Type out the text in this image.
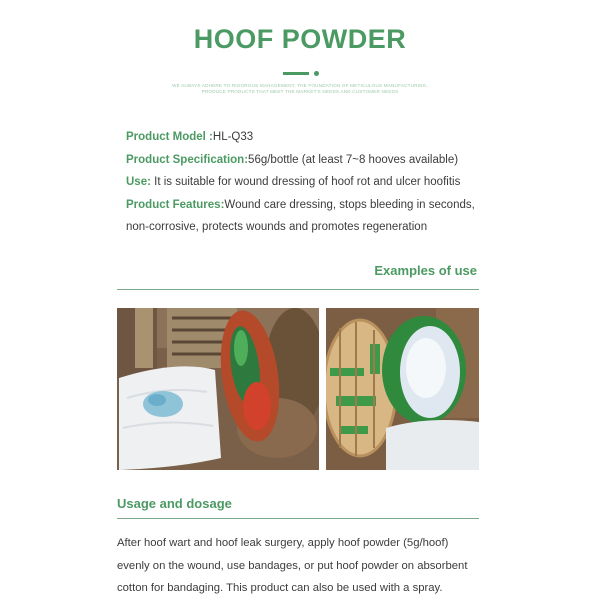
HOOF POWDER
WE ALWAYS ADHERE TO RIGOROUS MANAGEMENT, THE FOUNDATION OF METICULOUS MANUFACTURING,
PRODUCE PRODUCTS THAT MEET THE MARKET'S NEEDS AND CUSTOMER NEEDS

Product Model :HL-Q33

Product Specification:56g/bottle (at least 7~8 hooves available)

Use: It is suitable for wound dressing of hoof rot and ulcer hoofitis

Product Features:Wound care dressing, stops bleeding in seconds,

non-corrosive, protects wounds and promotes regeneration

Examples of use
Usage and dosage

After hoof wart and hoof leak surgery, apply hoof powder (5g/hoof)

evenly on the wound, use bandages, or put hoof powder on absorbent

cotton for bandaging. This product can also be used with a spray.
